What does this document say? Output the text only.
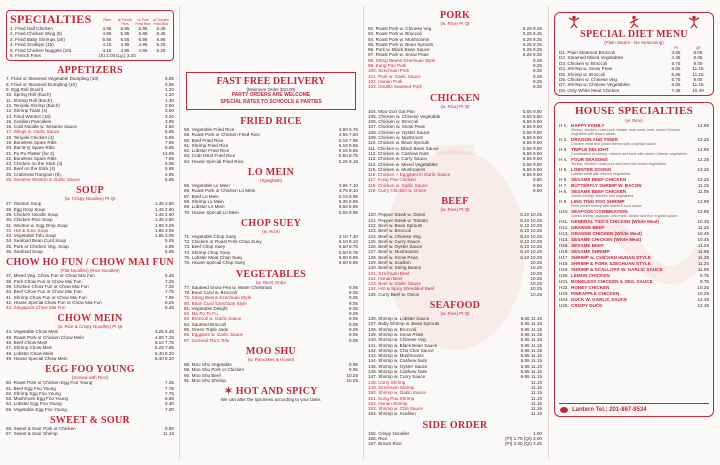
SPECIALTIES	Plain	w/ French Fries
w/ Pork Fried Rice
w/ Chicken Fried Rice
1. Fried Half Chicken	4.95	5.95	5.95	6.45
2. Fried Chicken Wing (8)	4.95	5.95	5.95	6.45
3. Fried Baby Shrimps (20)	5.55	6.55	6.95	6.95
4. Fried Scallops (15)	4.15	4.95	4.95	5.25
5. Fried Chicken Nuggets (10)	4.15	4.95	4.95	5.25
6. French Fries	(S) 2.00 (Lg.) 3.20
APPETIZERS
7. Fried or Steamed Vegetable Dumpling (10)	6.85
8. Fried or Steamed Dumpling (10)	6.85
9. Egg Roll (Each)	1.20
10. Spring Roll (Each)	1.20
11. Shrimp Roll (Each)	1.30
12. Teriyaki Shrimp (Each)	2.50
13. Shrimp Toast (4)	3.50
14. Fried Wonton (10)	3.20
15. Scallion Pancakes	3.95
16. Cold Noodle w. Sesame Sauce	4.50
17. Wings w. Garlic Sauce	5.95
18. Teriyaki Chicken (4)	5.85
19. Boneless Spare Ribs	7.95
20. Bar-B-Q Spare Ribs	8.95
21. Pu Pu Platter (for 2)	12.95
22. Boneless Spare Ribs	7.95
23. Chicken on the Stick (4)	5.95
24. Beef on the Stick (4)	5.95
25. Crabmeat Rangoon (8)	4.95
26. Sesame Wonton in Garlic Sauce	5.95
SOUP
(w. Crispy Noodles) Pt Qt
27. Wonton Soup	1.45 2.60
28. Egg Drop Soup	1.45 2.60
29. Chicken Noodle Soup	1.45 2.60
30. Chicken Rice Soup	1.45 2.60
31. Wonton w. Egg Drop Soup	1.85 3.05
32. Hot & Sour Soup	1.85 3.05
33. Vegetable Tofu Soup	1.85 3.05
34. Seafood Bean Curd Soup	5.25
35. Pork or Chicken Veg. Soup	4.95
36. Seafood Soup	5.95
CHOW HO FUN / CHOW MAI FUN
(Flat Noodles) (Rice Noodles)
37. Mixed Veg. Chow Fun or Chow Mai Fun	6.45
38. Pork Chow Fun or Chow Mai Fun	7.25
39. Chicken Chow Fun or Chow Mai Fun	7.25
40. Beef Chow Fun or Chow Mai Fun	7.75
41. Shrimp Chow Fun or Chow Mai Fun	7.95
42. House Special Chow Fun or Chow Mai Fun	8.25
43. Singapore Chow Mai Fun	8.45
CHOW MEIN
(w. Rice & Crispy Noodles) Pt Qt
44. Vegetable Chow Mein	4.25 6.45
45. Roast Pork or Chicken Chow Mein	4.85 7.25
46. Beef Chow Mein	5.10 7.75
47. Shrimp Chow Mein	5.25 7.95
48. Lobster Chow Mein	5.40 8.20
49. House Special Chow Mein	5.40 8.20
EGG FOO YOUNG
(Served with Rice)
50. Roast Pork or Chicken Egg Foo Young	7.35
51. Beef Egg Foo Young	7.75
52. Shrimp Egg Foo Young	7.75
53. Mushroom Egg Foo Young	6.95
54. Lobster Egg Foo Young	9.30
55. Vegetable Egg Foo Young	7.00
SWEET & SOUR
56. Sweet & Sour Pork or Chicken	8.60
57. Sweet & Sour Shrimp	11.15
FAST FREE DELIVERY
(Minimum Order $10.00)
PARTY ORDERS ARE WELCOME
SPECIAL RATES TO SCHOOLS & PARTIES
FRIED RICE
58. Vegetable Fried Rice	3.60 6.75
59. Roast Pork or Chicken Fried Rice	4.55 7.50
60. Beef Fried Rice	5.15 7.95
61. Shrimp Fried Rice	5.15 8.65
62. Lobster Fried Rice	5.15 8.65
63. Crab Meat Fried Rice	5.50 8.75
64. House Special Fried Rice	5.25 9.15
LO MEIN
(Spaghetti)
65. Vegetable Lo Mein	3.95 7.10
66. Roast Pork or Chicken Lo Mein	4.75 8.10
67. Beef Lo Mein	5.15 8.95
68. Shrimp Lo Mein	5.35 8.95
69. Lobster Lo Mein	5.55 8.95
70. House Special Lo Mein	5.55 8.95
CHOP SUEY
(w. Rice)
71. Vegetable Chop Suey	4.10 7.40
72. Chicken or Roast Pork Chop Suey	5.10 8.10
73. Beef Chop Suey	5.50 8.75
74. Shrimp Chop Suey	5.50 8.75
75. Lobster Meat Chop Suey	5.60 8.95
76. House Special Chop Suey	5.60 8.95
VEGETABLES
(w. Rice) Order
77. Sauteed Snow Pea w. Water Chestnuts	8.05
78. Bean Curd w. Broccoli	8.05
79. String Beans Szechuan Style	8.05
80. Bean Curd Szechuan Style	8.05
81. Vegetable Delight	8.05
82. Ma Po To Fu	8.05
83. Broccoli w. Garlic Sauce	8.05
84. Sauteed Broccoli	8.05
85. Green Triple Jade	8.05
86. Eggplant w. Garlic Sauce	8.05
87. General Tso's Tofu	8.05
MOO SHU
(w. Pancakes & Hoisin)
88. Moo Shu Vegetable	8.95
89. Moo Shu Pork or Chicken	9.95
90. Moo Shu Beef	10.25
91. Moo Shu Shrimp	10.25
✶ HOT AND SPICY
We can alter the spiciness according to your taste.
PORK
(w. Rice) Pt Qt
92. Roast Pork w. Chinese Veg.	5.25 9.25
93. Roast Pork w. Broccoli	5.25 9.25
94. Roast Pork w. Mushrooms	5.25 9.25
95. Roast Pork w. Bean Sprouts	5.25 9.25
96. Pork w. Black Bean Sauce	5.25 9.25
97. Roast Pork w. Snow Peas	5.25 9.25
98. String Beans Szechuan Style	9.25
99. Kung Pao Pork	9.25
100. Szechuan Pork	9.25
101. Pork w. Garlic Sauce	9.25
102. Hunan Pork	9.25
103. Double Sauteed Pork	9.25
CHICKEN
(w. Rice) Pt Qt
104. Moo Goo Gai Pan	5.55 9.50
105. Chicken w. Chinese Vegetable	5.55 9.50
106. Chicken w. Broccoli	5.55 9.50
107. Chicken w. Snow Peas	5.55 9.50
108. Chicken w. Oyster Sauce	5.55 9.50
109. Chicken w. Mushroom	5.55 9.50
110. Chicken w. Bean Sprouts	5.55 9.50
111. Chicken w. Black Bean Sauce	5.55 9.50
112. Chicken w. Cashew Nuts	5.55 9.50
113. Chicken w. Curry Sauce	5.55 9.50
114. Chicken w. Mixed Vegetables	5.55 9.50
115. Chicken w. Mushrooms	5.55 9.50
116. Chicken + Eggplant in Garlic Sauce	5.55 9.50
117. Kung Pao Chicken	9.50
118. Chicken w. Garlic Sauce	9.50
119. Curry Chicken w. Onion	9.50
BEEF
(w. Rice) Pt Qt
120. Pepper Steak w. Onion	6.10 10.25
121. Pepper Steak w. Tomato	6.10 10.25
122. Beef w. Bean Sprouts	6.10 10.25
123. Beef w. Broccoli	6.10 10.25
124. Beef w. Chinese Veg.	6.10 10.25
125. Beef w. Curry Sauce	6.10 10.25
126. Beef w. Oyster Sauce	6.10 10.25
127. Beef w. Mushrooms	6.10 10.25
128. Beef w. Snow Peas	6.10 10.25
129. Beef w. Scallion	10.25
130. Beef w. String Beans	10.25
131. Szechuan Beef	10.25
132. Hunan Beef	10.25
133. Beef w. Garlic Sauce	10.25
134. Hot & Spicy Shredded Beef	10.25
135. Curry Beef w. Onion	10.25
SEAFOOD
(w. Rice) Pt Qt
136. Shrimp w. Lobster Sauce	6.65 11.15
137. Baby Shrimp w. Bean Sprouts	6.65 11.15
138. Shrimp w. Broccoli	6.65 11.15
139. Shrimp w. Snow Peas	6.65 11.15
140. Shrimp w. Chinese Veg.	6.65 11.15
141. Shrimp w. Black Bean Sauce	6.65 11.15
142. Shrimp w. Cha Char Sauce	6.65 11.15
143. Shrimp w. Mushrooms	6.65 11.15
144. Shrimp w. Cashew Nuts	6.65 11.15
145. Shrimp w. Oyster Sauce	6.65 11.15
146. Shrimp w. Cashew Nuts	6.65 11.15
147. Shrimp w. Curry Sauce	6.65 11.15
148. Curry Shrimp	11.15
149. Szechuan Shrimp	11.15
150. Shrimp w. Garlic Sauce	11.15
151. Kung Pao Shrimp	11.15
152. Hunan Shrimp	11.15
153. Shrimp w. Chili Sauce	11.15
154. Shrimp w. Scallion	11.15
SIDE ORDER
155. Crispy Noodles	1.00
156. Rice	(Pt) 1.75 (Qt) 3.00
157. Brown Rice	(Pt) 2.00 (Qt) 3.25
SPECIAL DIET MENU
(Plain Steam - No Seasoning)
Pt	Qt
D1. Plain Steamed Broccoli	3.85	6.05
D2. Steamed Mixed Vegetables	4.35	8.05
D3. Chicken w. Broccoli	5.75	9.00
D4. Shrimp w. Snow Peas	6.65	11.15
D5. Shrimp w. Broccoli	6.65	11.15
D6. Chicken w. Chinese Veg.	5.75	9.00
D7. Shrimp w. Chinese Vegetables	6.65	11.15
D8. Only White Meat Chicken	7.45	10.40
HOUSE SPECIALTIES
(w. Rice)
H 1. HAPPY FAMILY
Shrimp, chicken, roast pork, lobster, crab meat, beef, mixed Chinese vegetable with brown sauce.
12.95
H 2. DRAGON AND TIGER
Chicken meat and jumbo shrimp with a special sauce.
12.25
H 3. TRIPLE DELIGHT
Combination of shrimp, chicken and beef with mixed Chinese vegetables.
12.95
H 4. FOUR SEASONS
Shrimp, chicken, roast pork and beef with mixed vegetables.
12.25
H 5. LOBSTER SOONG
Lobster meat with minced vegetables.
13.25
H 6. SESAME BEEF CHICKEN	12.25
H 7. BUTTERFLY SHRIMP W. BACON	11.25
H 8. SESAME BEEF CHICKEN
Jumbo shrimp, chicken and vegetables.
11.95
H 9. LING TING FOO SHRIMP
Fried jumbo shrimp with sweet & sour sauce.
12.95
H10. SEAFOOD COMBINATION
Jumbo shrimp, scallops, crab meat, lobster and fish in garlic sauce.
12.95
H11. GENERAL TSO'S CHICKEN (White Meat)	10.45
H12. ORANGE BEEF	11.25
H13. ORANGE CHICKEN (White Meat)	10.45
H14. SESAME CHICKEN (White Meat)	10.45
H15. SESAME BEEF	11.25
H16. SESAME SHRIMP	11.95
H17. SHRIMP w. CHICKEN HUNAN STYLE	11.25
H18. SHRIMP & PORK SZECHUAN STYLE	11.25
H19. SHRIMP & SCALLOPS W. GARLIC SAUCE	11.95
H20. LEMON CHICKEN	9.75
H21. BONELESS CHICKEN & VEG. SAUCE	9.75
H22. HONEY CHICKEN	10.25
H23. PINEAPPLE CHICKEN	10.25
H24. DUCK W. GARLIC SAUCE	12.45
H25. CRISPY DUCK	12.45
Lantern Tel.: 201-867-8534
